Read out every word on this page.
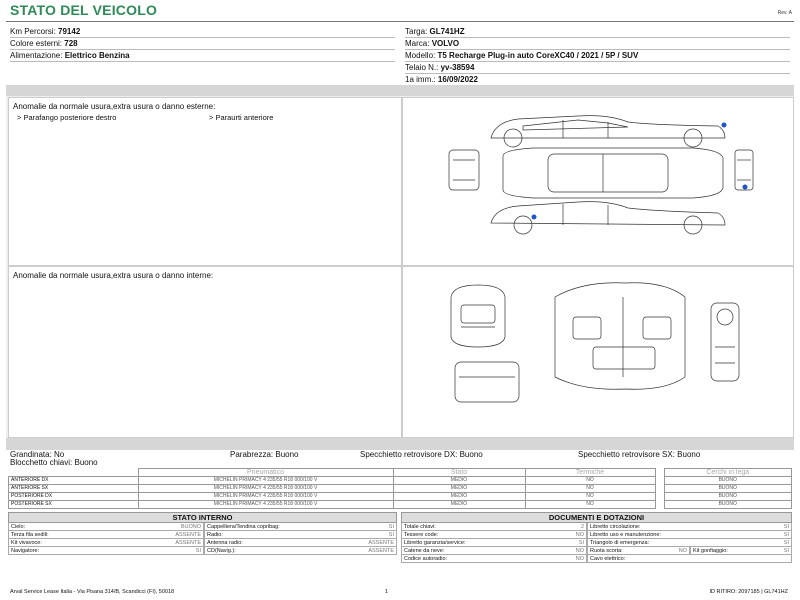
STATO DEL VEICOLO	Rev. A
Km Percorsi: 79142
Colore esterni: 728
Alimentazione: Elettrico Benzina
Targa: GL741HZ
Marca: VOLVO
Modello: T5 Recharge Plug-in auto CoreXC40 / 2021 / 5P / SUV
Telaio N.: yv-38594
1a imm.: 16/09/2022
Anomalie da normale usura,extra usura o danno esterne:
> Parafango posteriore destro	> Paraurti anteriore
Anomalie da normale usura,extra usura o danno interne:
Grandinata: No	Parabrezza: Buono	Specchietto retrovisore DX: Buono	Specchietto retrovisore SX: Buono
Blocchetto chiavi: Buono
	Pneumatico	Stato	Termiche		Cerchi in lega
ANTERIORE DX	MICHELIN PRIMACY 4 235/55 R18 000/100 V	MEDIO	NO		BUONO
ANTERIORE SX	MICHELIN PRIMACY 4 235/55 R18 000/100 V	MEDIO	NO		BUONO
POSTERIORE DX	MICHELIN PRIMACY 4 235/55 R18 000/100 V	MEDIO	NO		BUONO
POSTERIORE SX	MICHELIN PRIMACY 4 235/55 R18 000/100 V	MEDIO	NO		BUONO
STATO INTERNO
Cielo:	BUONO Cappelliera/Tendina copribag:	SI
Terza fila sedili:	ASSENTE Radio:	SI
Kit vivavoce:	ASSENTE Antenna radio:	ASSENTE
Navigatore:	SI CD(Navig.):	ASSENTE
DOCUMENTI E DOTAZIONI
Totale chiavi:	2 Libretto circolazione:	SI
Tessere code:	NO Libretto uso e manutenzione:	SI
Libretto garanzia/service:	SI Triangolo di emergenza:	SI
Catene da neve:	NO Ruota scorta:	NO Kit gonfiaggio:	SI
Codice autoradio:	NO Cavo elettrico:
Arval Service Lease Italia - Via Pisana 314/B, Scandicci (FI), 50018	1	ID RITIRO: 2097185 | GL741HZ
